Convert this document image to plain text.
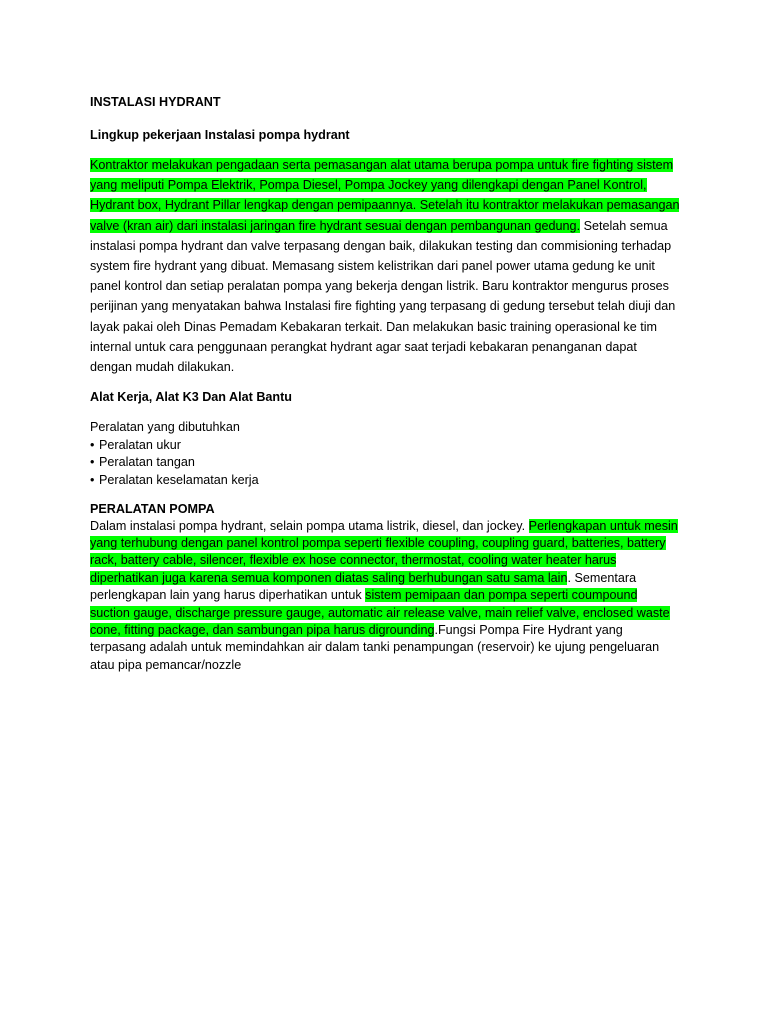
INSTALASI HYDRANT

Lingkup pekerjaan Instalasi pompa hydrant

Kontraktor melakukan pengadaan serta pemasangan alat utama berupa pompa untuk fire fighting sistem yang meliputi Pompa Elektrik, Pompa Diesel, Pompa Jockey yang dilengkapi dengan Panel Kontrol, Hydrant box, Hydrant Pillar lengkap dengan pemipaannya. Setelah itu kontraktor melakukan pemasangan valve (kran air) dari instalasi jaringan fire hydrant sesuai dengan pembangunan gedung. Setelah semua instalasi pompa hydrant dan valve terpasang dengan baik, dilakukan testing dan commisioning terhadap system fire hydrant yang dibuat. Memasang sistem kelistrikan dari panel power utama gedung ke unit panel kontrol dan setiap peralatan pompa yang bekerja dengan listrik. Baru kontraktor mengurus proses perijinan yang menyatakan bahwa Instalasi fire fighting yang terpasang di gedung tersebut telah diuji dan layak pakai oleh Dinas Pemadam Kebakaran terkait. Dan melakukan basic training operasional ke tim internal untuk cara penggunaan perangkat hydrant agar saat terjadi kebakaran penanganan dapat dengan mudah dilakukan.

Alat Kerja, Alat K3 Dan Alat Bantu

Peralatan yang dibutuhkan

• Peralatan ukur
• Peralatan tangan
• Peralatan keselamatan kerja

PERALATAN POMPA

Dalam instalasi pompa hydrant, selain pompa utama listrik, diesel, dan jockey. Perlengkapan untuk mesin yang terhubung dengan panel kontrol pompa seperti flexible coupling, coupling guard, batteries, battery rack, battery cable, silencer, flexible ex hose connector, thermostat, cooling water heater harus diperhatikan juga karena semua komponen diatas saling berhubungan satu sama lain. Sementara perlengkapan lain yang harus diperhatikan untuk sistem pemipaan dan pompa seperti coumpound suction gauge, discharge pressure gauge, automatic air release valve, main relief valve, enclosed waste cone, fitting package, dan sambungan pipa harus digrounding.Fungsi Pompa Fire Hydrant yang terpasang adalah untuk memindahkan air dalam tanki penampungan (reservoir) ke ujung pengeluaran atau pipa pemancar/nozzle
